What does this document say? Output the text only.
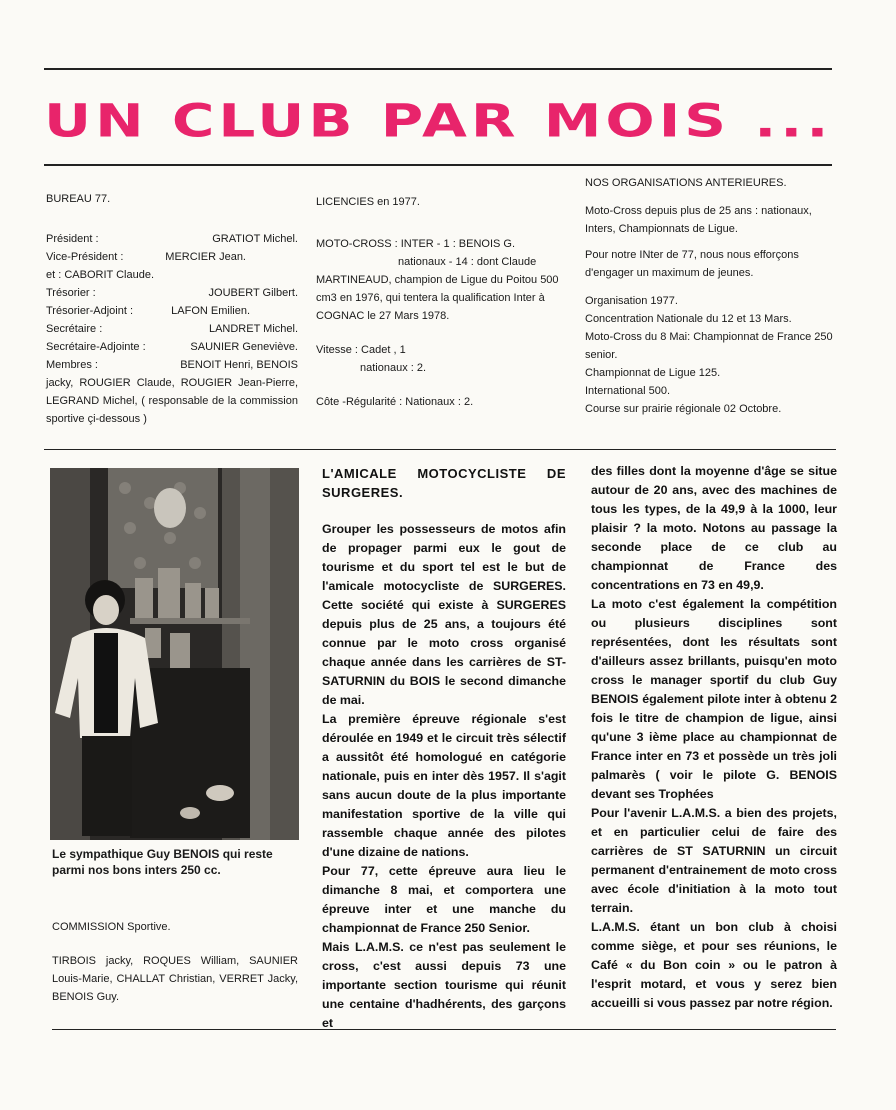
UN CLUB PAR MOIS ...
BUREAU 77.
Président :	GRATIOT Michel.
Vice-Président :	MERCIER Jean.
et : CABORIT Claude.
Trésorier :	JOUBERT Gilbert.
Trésorier-Adjoint :	LAFON Emilien.
Secrétaire :	LANDRET Michel.
Secrétaire-Adjointe :	SAUNIER Geneviève.
Membres :	BENOIT Henri, BENOIS
jacky, ROUGIER Claude, ROUGIER Jean-Pierre, LEGRAND Michel, ( responsable de la commission sportive çi-dessous )
LICENCIES en 1977.
MOTO-CROSS : INTER - 1 : BENOIS G.
nationaux - 14 : dont Claude
MARTINEAUD, champion de Ligue du Poitou 500 cm3 en 1976, qui tentera la qualification Inter à COGNAC le 27 Mars 1978.
Vitesse : Cadet , 1
nationaux : 2.
Côte -Régularité : Nationaux : 2.
NOS ORGANISATIONS ANTERIEURES.
Moto-Cross depuis plus de 25 ans : nationaux, Inters, Championnats de Ligue.
Pour notre INter de 77, nous nous efforçons d'engager un maximum de jeunes.
Organisation 1977.
Concentration Nationale du 12 et 13 Mars.
Moto-Cross du 8 Mai: Championnat de France 250 senior.
Championnat de Ligue 125.
International 500.
Course sur prairie régionale 02 Octobre.
Le sympathique Guy BENOIS qui reste parmi nos bons inters 250 cc.
COMMISSION Sportive.
TIRBOIS jacky, ROQUES William, SAUNIER Louis-Marie, CHALLAT Christian, VERRET Jacky, BENOIS Guy.
L'AMICALE MOTOCYCLISTE DE SURGERES.

Grouper les possesseurs de motos afin de propager parmi eux le gout de tourisme et du sport tel est le but de l'amicale motocycliste de SURGERES. Cette société qui existe à SURGERES depuis plus de 25 ans, a toujours été connue par le moto cross organisé chaque année dans les carrières de ST-SATURNIN du BOIS le second dimanche de mai.

La première épreuve régionale s'est déroulée en 1949 et le circuit très sélectif a aussitôt été homologué en catégorie nationale, puis en inter dès 1957. Il s'agit sans aucun doute de la plus importante manifestation sportive de la ville qui rassemble chaque année des pilotes d'une dizaine de nations.

Pour 77, cette épreuve aura lieu le dimanche 8 mai, et comportera une épreuve inter et une manche du championnat de France 250 Senior.

Mais L.A.M.S. ce n'est pas seulement le cross, c'est aussi depuis 73 une importante section tourisme qui réunit une centaine d'hadhérents, des garçons et

des filles dont la moyenne d'âge se situe autour de 20 ans, avec des machines de tous les types, de la 49,9 à la 1000, leur plaisir ? la moto. Notons au passage la seconde place de ce club au championnat de France des concentrations en 73 en 49,9.

La moto c'est également la compétition ou plusieurs disciplines sont représentées, dont les résultats sont d'ailleurs assez brillants, puisqu'en moto cross le manager sportif du club Guy BENOIS également pilote inter à obtenu 2 fois le titre de champion de ligue, ainsi qu'une 3 ième place au championnat de France inter en 73 et possède un très joli palmarès ( voir le pilote G. BENOIS devant ses Trophées

Pour l'avenir L.A.M.S. a bien des projets, et en particulier celui de faire des carrières de ST SATURNIN un circuit permanent d'entrainement de moto cross avec école d'initiation à la moto tout terrain.

L.A.M.S. étant un bon club à choisi comme siège, et pour ses réunions, le Café « du Bon coin » ou le patron à l'esprit motard, et vous y serez bien accueilli si vous passez par notre région.
